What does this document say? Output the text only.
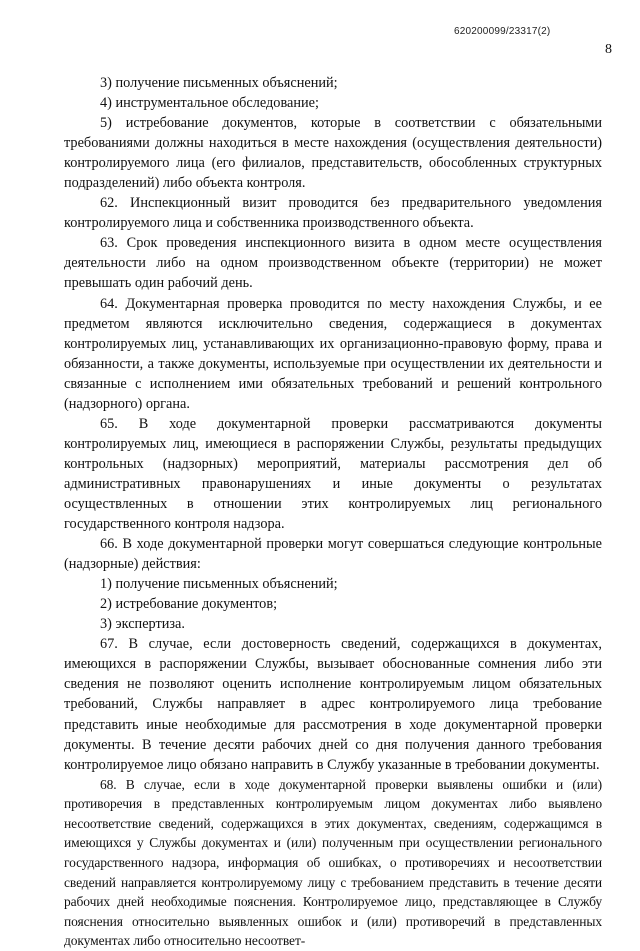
620200099/23317(2)
8

3) получение письменных объяснений;

4) инструментальное обследование;

5) истребование документов, которые в соответствии с обязательными требованиями должны находиться в месте нахождения (осуществления деятельности) контролируемого лица (его филиалов, представительств, обособленных структурных подразделений) либо объекта контроля.

62. Инспекционный визит проводится без предварительного уведомления контролируемого лица и собственника производственного объекта.

63. Срок проведения инспекционного визита в одном месте осуществления деятельности либо на одном производственном объекте (территории) не может превышать один рабочий день.

64. Документарная проверка проводится по месту нахождения Службы, и ее предметом являются исключительно сведения, содержащиеся в документах контролируемых лиц, устанавливающих их организационно-правовую форму, права и обязанности, а также документы, используемые при осуществлении их деятельности и связанные с исполнением ими обязательных требований и решений контрольного (надзорного) органа.

65. В ходе документарной проверки рассматриваются документы контролируемых лиц, имеющиеся в распоряжении Службы, результаты предыдущих контрольных (надзорных) мероприятий, материалы рассмотрения дел об административных правонарушениях и иные документы о результатах осуществленных в отношении этих контролируемых лиц регионального государственного контроля надзора.

66. В ходе документарной проверки могут совершаться следующие контрольные (надзорные) действия:

1) получение письменных объяснений;

2) истребование документов;

3) экспертиза.

67. В случае, если достоверность сведений, содержащихся в документах, имеющихся в распоряжении Службы, вызывает обоснованные сомнения либо эти сведения не позволяют оценить исполнение контролируемым лицом обязательных требований, Службы направляет в адрес контролируемого лица требование представить иные необходимые для рассмотрения в ходе документарной проверки документы. В течение десяти рабочих дней со дня получения данного требования контролируемое лицо обязано направить в Службу указанные в требовании документы.

68. В случае, если в ходе документарной проверки выявлены ошибки и (или) противоречия в представленных контролируемым лицом документах либо выявлено несоответствие сведений, содержащихся в этих документах, сведениям, содержащимся в имеющихся у Службы документах и (или) полученным при осуществлении регионального государственного надзора, информация об ошибках, о противоречиях и несоответствии сведений направляется контролируемому лицу с требованием представить в течение десяти рабочих дней необходимые пояснения. Контролируемое лицо, представляющее в Службу пояснения относительно выявленных ошибок и (или) противоречий в представленных документах либо относительно несоответ-
